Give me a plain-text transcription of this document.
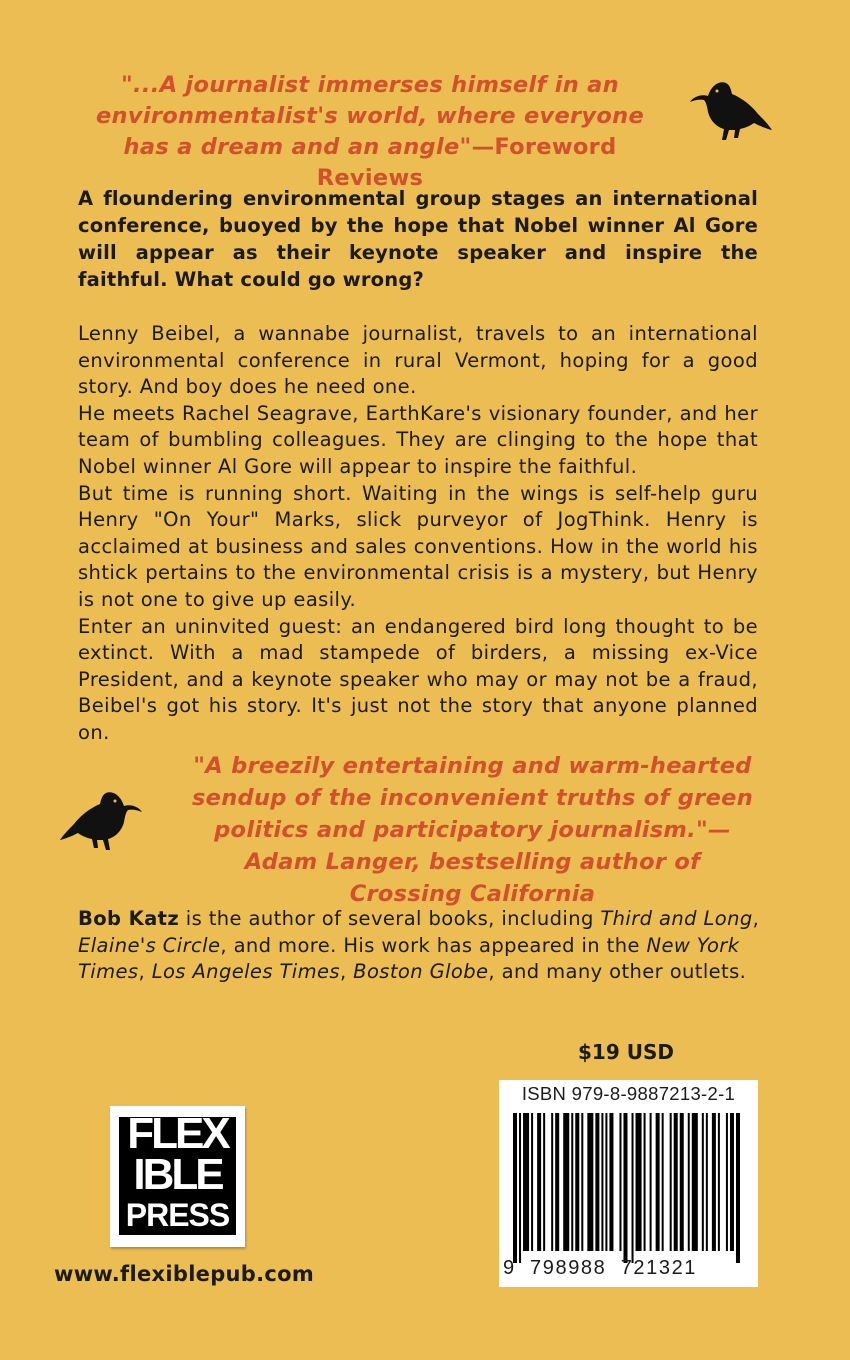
"...A journalist immerses himself in an environmentalist's world, where everyone has a dream and an angle"—Foreword Reviews
A floundering environmental group stages an international conference, buoyed by the hope that Nobel winner Al Gore will appear as their keynote speaker and inspire the faithful. What could go wrong?

Lenny Beibel, a wannabe journalist, travels to an international environmental conference in rural Vermont, hoping for a good story. And boy does he need one.

He meets Rachel Seagrave, EarthKare's visionary founder, and her team of bumbling colleagues. They are clinging to the hope that Nobel winner Al Gore will appear to inspire the faithful.

But time is running short. Waiting in the wings is self-help guru Henry "On Your" Marks, slick purveyor of JogThink. Henry is acclaimed at business and sales conventions. How in the world his shtick pertains to the environmental crisis is a mystery, but Henry is not one to give up easily.

Enter an uninvited guest: an endangered bird long thought to be extinct. With a mad stampede of birders, a missing ex-Vice President, and a keynote speaker who may or may not be a fraud, Beibel's got his story. It's just not the story that anyone planned on.

"A breezily entertaining and warm-hearted sendup of the inconvenient truths of green politics and participatory journalism."—Adam Langer, bestselling author of Crossing California
Bob Katz is the author of several books, including Third and Long, Elaine's Circle, and more. His work has appeared in the New York Times, Los Angeles Times, Boston Globe, and many other outlets.
$19 USD
ISBN 979-8-9887213-2-1
9  798988  721321
FLEX
IBLE
PRESS
www.flexiblepub.com
